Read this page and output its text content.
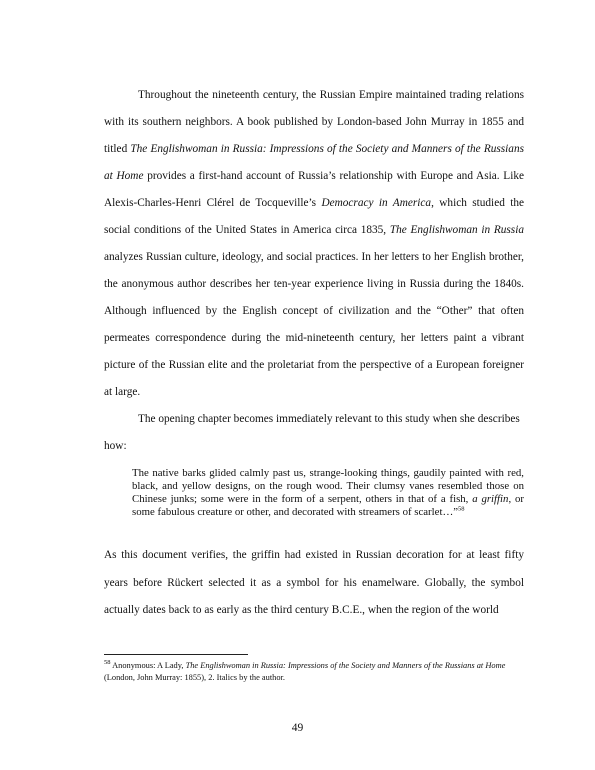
Throughout the nineteenth century, the Russian Empire maintained trading relations with its southern neighbors. A book published by London-based John Murray in 1855 and titled The Englishwoman in Russia: Impressions of the Society and Manners of the Russians at Home provides a first-hand account of Russia’s relationship with Europe and Asia. Like Alexis-Charles-Henri Clérel de Tocqueville’s Democracy in America, which studied the social conditions of the United States in America circa 1835, The Englishwoman in Russia analyzes Russian culture, ideology, and social practices. In her letters to her English brother, the anonymous author describes her ten-year experience living in Russia during the 1840s. Although influenced by the English concept of civilization and the “Other” that often permeates correspondence during the mid-nineteenth century, her letters paint a vibrant picture of the Russian elite and the proletariat from the perspective of a European foreigner at large.

The opening chapter becomes immediately relevant to this study when she describes how:

The native barks glided calmly past us, strange-looking things, gaudily painted with red, black, and yellow designs, on the rough wood. Their clumsy vanes resembled those on Chinese junks; some were in the form of a serpent, others in that of a fish, a griffin, or some fabulous creature or other, and decorated with streamers of scarlet…”$^{58}$

As this document verifies, the griffin had existed in Russian decoration for at least fifty years before Rückert selected it as a symbol for his enamelware. Globally, the symbol actually dates back to as early as the third century B.C.E., when the region of the world

$^{58}$ Anonymous: A Lady, The Englishwoman in Russia: Impressions of the Society and Manners of the Russians at Home (London, John Murray: 1855), 2. Italics by the author.

49
